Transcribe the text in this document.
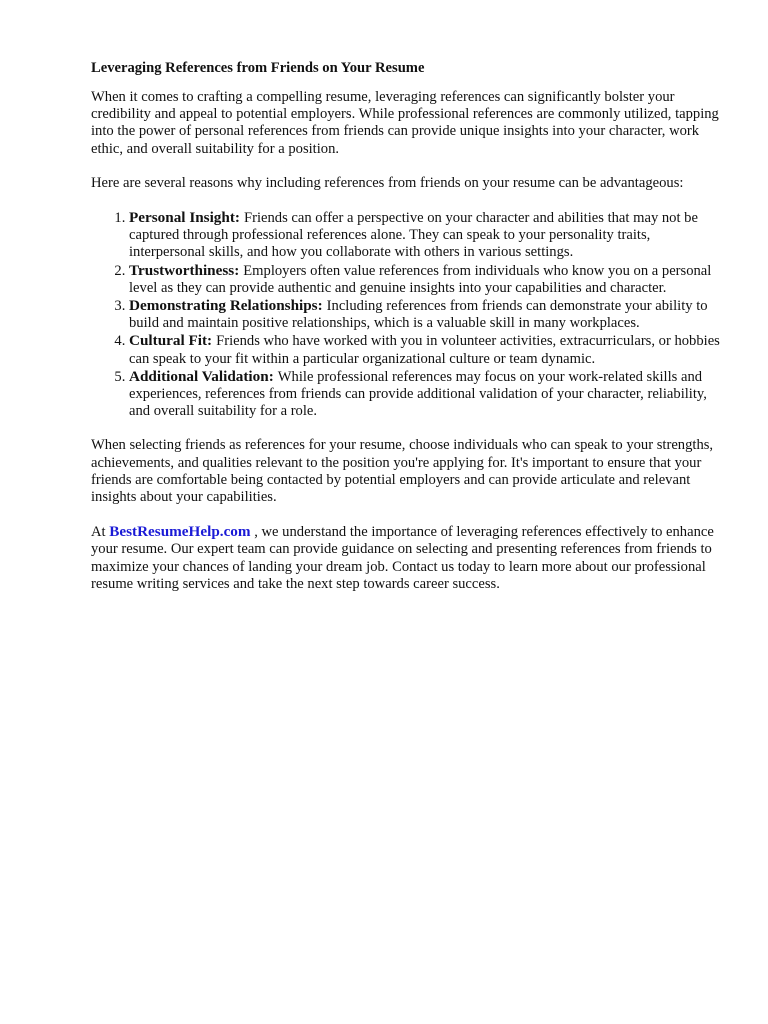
Leveraging References from Friends on Your Resume

When it comes to crafting a compelling resume, leveraging references can significantly bolster your credibility and appeal to potential employers. While professional references are commonly utilized, tapping into the power of personal references from friends can provide unique insights into your character, work ethic, and overall suitability for a position.

Here are several reasons why including references from friends on your resume can be advantageous:

1. Personal Insight: Friends can offer a perspective on your character and abilities that may not be captured through professional references alone. They can speak to your personality traits, interpersonal skills, and how you collaborate with others in various settings.
2. Trustworthiness: Employers often value references from individuals who know you on a personal level as they can provide authentic and genuine insights into your capabilities and character.
3. Demonstrating Relationships: Including references from friends can demonstrate your ability to build and maintain positive relationships, which is a valuable skill in many workplaces.
4. Cultural Fit: Friends who have worked with you in volunteer activities, extracurriculars, or hobbies can speak to your fit within a particular organizational culture or team dynamic.
5. Additional Validation: While professional references may focus on your work-related skills and experiences, references from friends can provide additional validation of your character, reliability, and overall suitability for a role.

When selecting friends as references for your resume, choose individuals who can speak to your strengths, achievements, and qualities relevant to the position you're applying for. It's important to ensure that your friends are comfortable being contacted by potential employers and can provide articulate and relevant insights about your capabilities.

At BestResumeHelp.com , we understand the importance of leveraging references effectively to enhance your resume. Our expert team can provide guidance on selecting and presenting references from friends to maximize your chances of landing your dream job. Contact us today to learn more about our professional resume writing services and take the next step towards career success.
